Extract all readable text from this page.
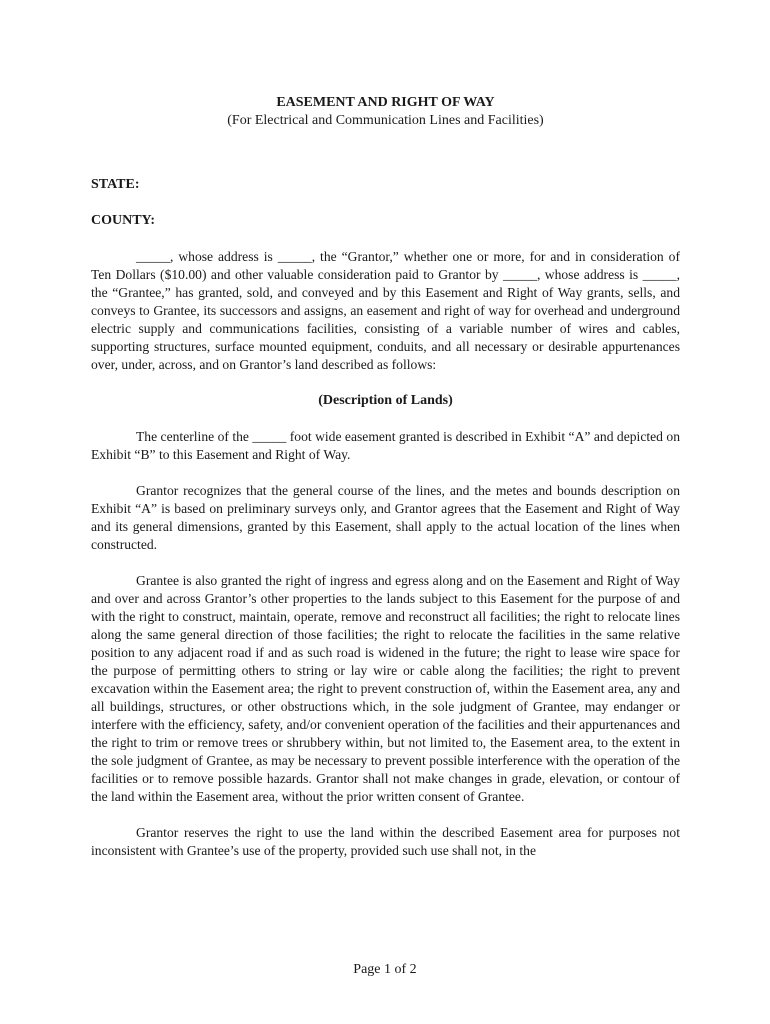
EASEMENT AND RIGHT OF WAY

(For Electrical and Communication Lines and Facilities)

STATE:

COUNTY:

_____, whose address is _____, the “Grantor,” whether one or more, for and in consideration of Ten Dollars ($10.00) and other valuable consideration paid to Grantor by _____, whose address is _____, the “Grantee,” has granted, sold, and conveyed and by this Easement and Right of Way grants, sells, and conveys to Grantee, its successors and assigns, an easement and right of way for overhead and underground electric supply and communications facilities, consisting of a variable number of wires and cables, supporting structures, surface mounted equipment, conduits, and all necessary or desirable appurtenances over, under, across, and on Grantor’s land described as follows:

(Description of Lands)

The centerline of the _____ foot wide easement granted is described in Exhibit “A” and depicted on Exhibit “B” to this Easement and Right of Way.

Grantor recognizes that the general course of the lines, and the metes and bounds description on Exhibit “A” is based on preliminary surveys only, and Grantor agrees that the Easement and Right of Way and its general dimensions, granted by this Easement, shall apply to the actual location of the lines when constructed.

Grantee is also granted the right of ingress and egress along and on the Easement and Right of Way and over and across Grantor’s other properties to the lands subject to this Easement for the purpose of and with the right to construct, maintain, operate, remove and reconstruct all facilities; the right to relocate lines along the same general direction of those facilities; the right to relocate the facilities in the same relative position to any adjacent road if and as such road is widened in the future; the right to lease wire space for the purpose of permitting others to string or lay wire or cable along the facilities; the right to prevent excavation within the Easement area; the right to prevent construction of, within the Easement area, any and all buildings, structures, or other obstructions which, in the sole judgment of Grantee, may endanger or interfere with the efficiency, safety, and/or convenient operation of the facilities and their appurtenances and the right to trim or remove trees or shrubbery within, but not limited to, the Easement area, to the extent in the sole judgment of Grantee, as may be necessary to prevent possible interference with the operation of the facilities or to remove possible hazards. Grantor shall not make changes in grade, elevation, or contour of the land within the Easement area, without the prior written consent of Grantee.

Grantor reserves the right to use the land within the described Easement area for purposes not inconsistent with Grantee’s use of the property, provided such use shall not, in the

Page 1 of 2
